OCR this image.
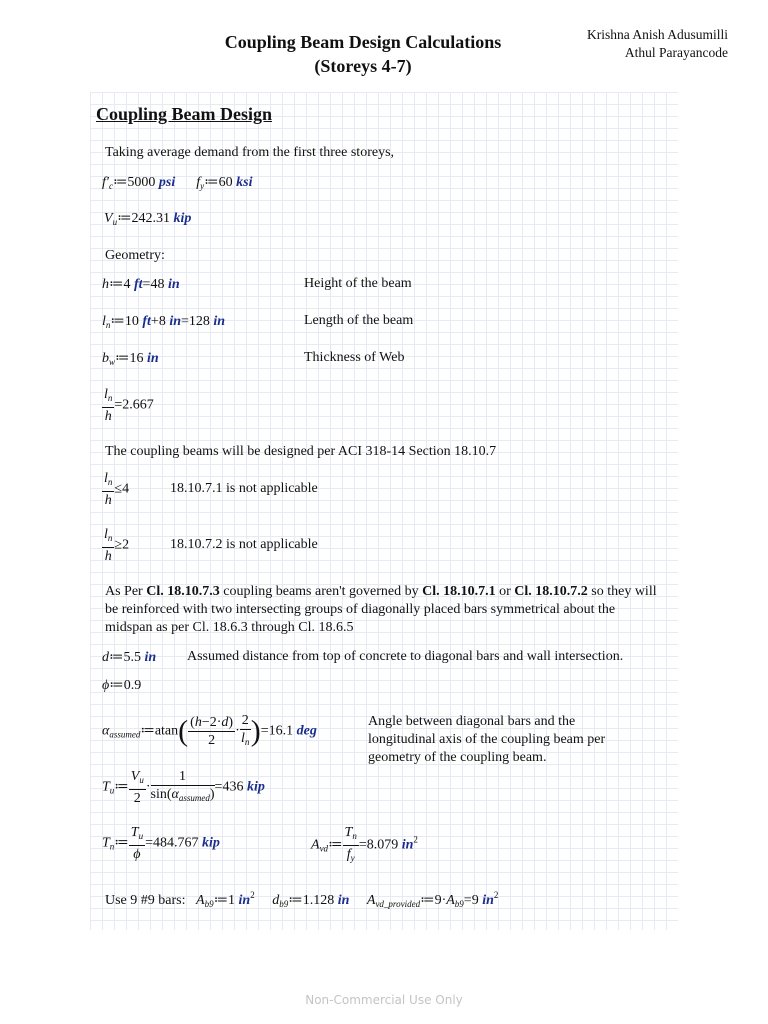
Coupling Beam Design Calculations
(Storeys 4-7)
Krishna Anish Adusumilli
Athul Parayancode
Coupling Beam Design
Taking average demand from the first three storeys,
$f'_c≔5000$ psi      $f_y≔60$ ksi
$V_u≔242.31$ kip
Geometry:
h≔4 ft=48 in	Height of the beam
$l_n≔10$ ft+8 in=128 in	Length of the beam
$b_w≔16$ in	Thickness of Web
$\frac{l_n}{h} =2.667$
The coupling beams will be designed per ACI 318-14 Section 18.10.7
$\frac{l_n}{h} \le 4$	18.10.7.1 is not applicable
$\frac{l_n}{h} \ge 2$	18.10.7.2 is not applicable
As Per Cl. 18.10.7.3 coupling beams aren't governed by Cl. 18.10.7.1 or Cl. 18.10.7.2 so they will be reinforced with two intersecting groups of diagonally placed bars symmetrical about the midspan as per Cl. 18.6.3 through Cl. 18.6.5
d≔5.5 in Assumed distance from top of concrete to diagonal bars and wall intersection.
ϕ≔0.9
$\alpha_{assumed}≔atan( \frac{(h-2\cdot d)}{2} \cdot \frac{2}{l_n} )=16.1$ deg
Angle between diagonal bars and the longitudinal axis of the coupling beam per geometry of the coupling beam.
$T_u≔ \frac{V_u}{2} \cdot \frac{1}{\sin(\alpha_{assumed})} =436$ kip
$T_n≔ \frac{T_u}{\phi} =484.767$ kip	$A_{vd}≔ \frac{T_n}{f_y} =8.079$ $in^2$
Use 9 #9 bars:   $A_{b9}≔1$ $in^2$     $d_{b9}≔1.128$ in     $A_{vd\_provided}≔9\cdot A_{b9}=9$ $in^2$
Non-Commercial Use Only
